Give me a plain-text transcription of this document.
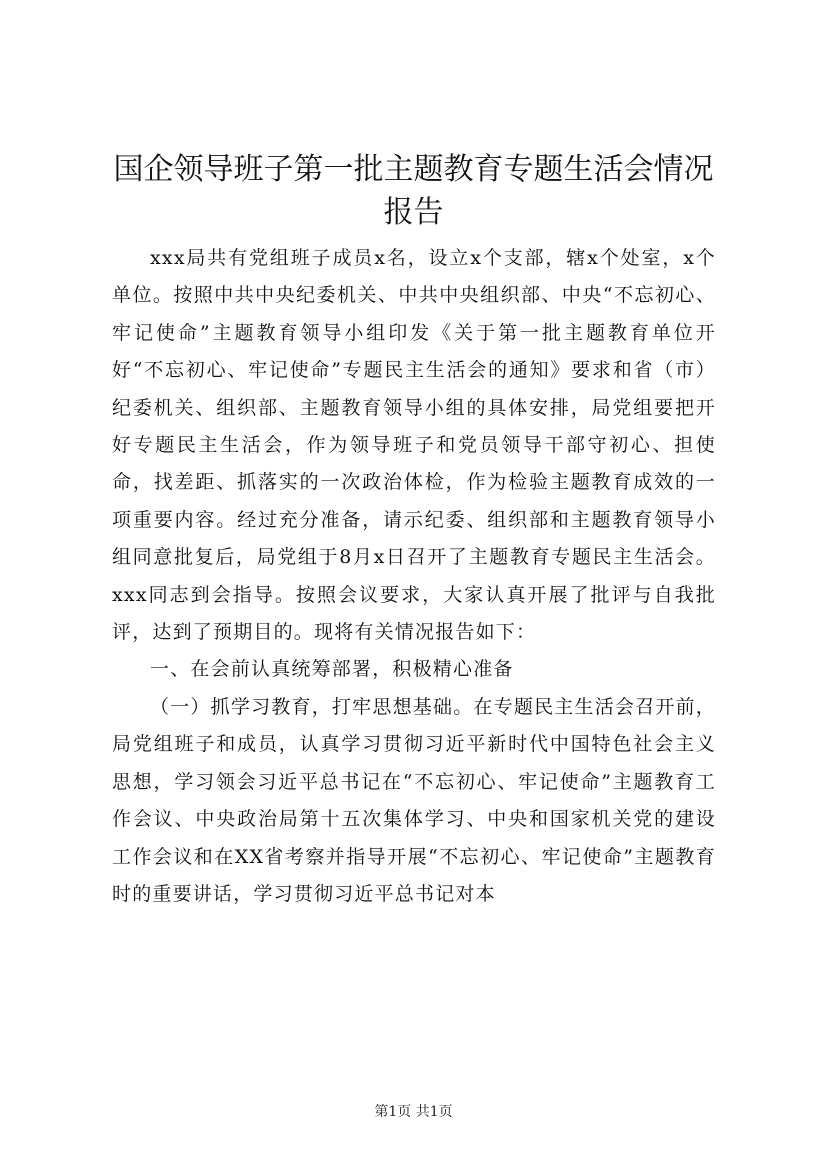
国企领导班子第一批主题教育专题生活会情况
报告

xxx局共有党组班子成员x名，设立x个支部，辖x个处室，x个单位。按照中共中央纪委机关、中共中央组织部、中央“不忘初心、牢记使命”主题教育领导小组印发《关于第一批主题教育单位开好“不忘初心、牢记使命”专题民主生活会的通知》要求和省（市）纪委机关、组织部、主题教育领导小组的具体安排，局党组要把开好专题民主生活会，作为领导班子和党员领导干部守初心、担使命，找差距、抓落实的一次政治体检，作为检验主题教育成效的一项重要内容。经过充分准备，请示纪委、组织部和主题教育领导小组同意批复后，局党组于8月x日召开了主题教育专题民主生活会。xxx同志到会指导。按照会议要求，大家认真开展了批评与自我批评，达到了预期目的。现将有关情况报告如下：

一、在会前认真统筹部署，积极精心准备

（一）抓学习教育，打牢思想基础。在专题民主生活会召开前，局党组班子和成员，认真学习贯彻习近平新时代中国特色社会主义思想，学习领会习近平总书记在“不忘初心、牢记使命”主题教育工作会议、中央政治局第十五次集体学习、中央和国家机关党的建设工作会议和在XX省考察并指导开展“不忘初心、牢记使命”主题教育时的重要讲话，学习贯彻习近平总书记对本

第1页 共1页
